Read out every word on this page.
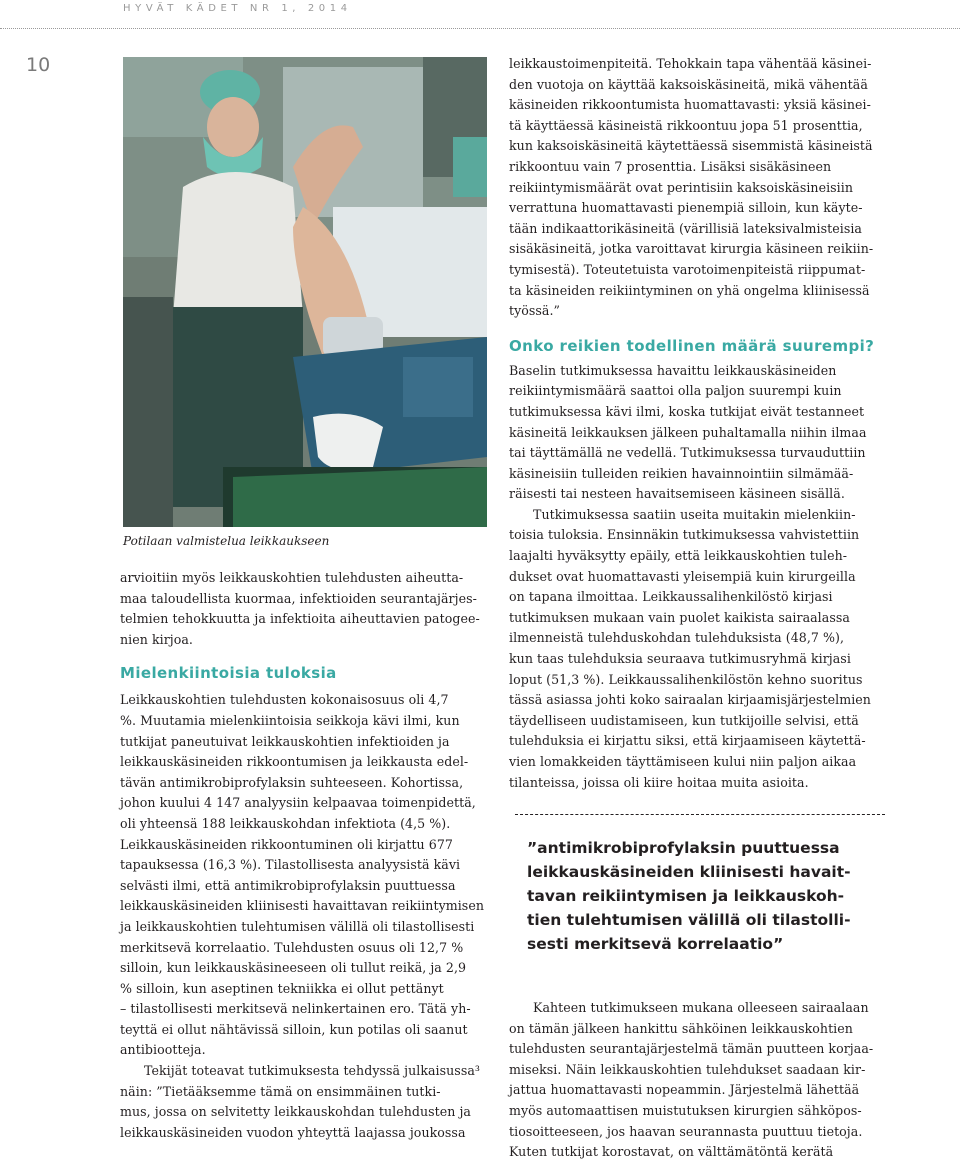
HYVÄT KÄDET NR 1, 2014
10
Potilaan valmistelua leikkaukseen

arvioitiin myös leikkauskohtien tulehdusten aiheutta-
maa taloudellista kuormaa, infektioiden seurantajärjes-
telmien tehokkuutta ja infektioita aiheuttavien patogee-
nien kirjoa.

Mielenkiintoisia tuloksia

Leikkauskohtien tulehdusten kokonaisosuus oli 4,7
%. Muutamia mielenkiintoisia seikkoja kävi ilmi, kun
tutkijat paneutuivat leikkauskohtien infektioiden ja
leikkauskäsineiden rikkoontumisen ja leikkausta edel-
tävän antimikrobiprofylaksin suhteeseen. Kohortissa,
johon kuului 4 147 analyysiin kelpaavaa toimenpidettä,
oli yhteensä 188 leikkauskohdan infektiota (4,5 %).
Leikkauskäsineiden rikkoontuminen oli kirjattu 677
tapauksessa (16,3 %). Tilastollisesta analyysistä kävi
selvästi ilmi, että antimikrobiprofylaksin puuttuessa
leikkauskäsineiden kliinisesti havaittavan reikiintymisen
ja leikkauskohtien tulehtumisen välillä oli tilastollisesti
merkitsevä korrelaatio. Tulehdusten osuus oli 12,7 %
silloin, kun leikkauskäsineeseen oli tullut reikä, ja 2,9
% silloin, kun aseptinen tekniikka ei ollut pettänyt
– tilastollisesti merkitsevä nelinkertainen ero. Tätä yh-
teyttä ei ollut nähtävissä silloin, kun potilas oli saanut
antibiootteja.

Tekijät toteavat tutkimuksesta tehdyssä julkaisussa³
näin: ”Tietääksemme tämä on ensimmäinen tutki-
mus, jossa on selvitetty leikkauskohdan tulehdusten ja
leikkauskäsineiden vuodon yhteyttä laajassa joukossa

leikkaustoimenpiteitä. Tehokkain tapa vähentää käsinei-
den vuotoja on käyttää kaksoiskäsineitä, mikä vähentää
käsineiden rikkoontumista huomattavasti: yksiä käsinei-
tä käyttäessä käsineistä rikkoontuu jopa 51 prosenttia,
kun kaksoiskäsineitä käytettäessä sisemmistä käsineistä
rikkoontuu vain 7 prosenttia. Lisäksi sisäkäsineen
reikiintymismäärät ovat perintisiin kaksoiskäsineisiin
verrattuna huomattavasti pienempiä silloin, kun käyte-
tään indikaattorikäsineitä (värillisiä lateksivalmisteisia
sisäkäsineitä, jotka varoittavat kirurgia käsineen reikiin-
tymisestä). Toteutetuista varotoimenpiteistä riippumat-
ta käsineiden reikiintyminen on yhä ongelma kliinisessä
työssä.”

Onko reikien todellinen määrä suurempi?

Baselin tutkimuksessa havaittu leikkauskäsineiden
reikiintymismäärä saattoi olla paljon suurempi kuin
tutkimuksessa kävi ilmi, koska tutkijat eivät testanneet
käsineitä leikkauksen jälkeen puhaltamalla niihin ilmaa
tai täyttämällä ne vedellä. Tutkimuksessa turvauduttiin
käsineisiin tulleiden reikien havainnointiin silmämää-
räisesti tai nesteen havaitsemiseen käsineen sisällä.

Tutkimuksessa saatiin useita muitakin mielenkiin-
toisia tuloksia. Ensinnäkin tutkimuksessa vahvistettiin
laajalti hyväksytty epäily, että leikkauskohtien tuleh-
dukset ovat huomattavasti yleisempiä kuin kirurgeilla
on tapana ilmoittaa. Leikkaussalihenkilöstö kirjasi
tutkimuksen mukaan vain puolet kaikista sairaalassa
ilmenneistä tulehduskohdan tulehduksista (48,7 %),
kun taas tulehduksia seuraava tutkimusryhmä kirjasi
loput (51,3 %). Leikkaussalihenkilöstön kehno suoritus
tässä asiassa johti koko sairaalan kirjaamisjärjestelmien
täydelliseen uudistamiseen, kun tutkijoille selvisi, että
tulehduksia ei kirjattu siksi, että kirjaamiseen käytettä-
vien lomakkeiden täyttämiseen kului niin paljon aikaa
tilanteissa, joissa oli kiire hoitaa muita asioita.

”antimikrobiprofylaksin puuttuessa
leikkauskäsineiden kliinisesti havait-
tavan reikiintymisen ja leikkauskoh-
tien tulehtumisen välillä oli tilastolli-
sesti merkitsevä korrelaatio”

Kahteen tutkimukseen mukana olleeseen sairaalaan
on tämän jälkeen hankittu sähköinen leikkauskohtien
tulehdusten seurantajärjestelmä tämän puutteen korjaa-
miseksi. Näin leikkauskohtien tulehdukset saadaan kir-
jattua huomattavasti nopeammin. Järjestelmä lähettää
myös automaattisen muistutuksen kirurgien sähköpos-
tiosoitteeseen, jos haavan seurannasta puuttuu tietoja.
Kuten tutkijat korostavat, on välttämätöntä kerätä
